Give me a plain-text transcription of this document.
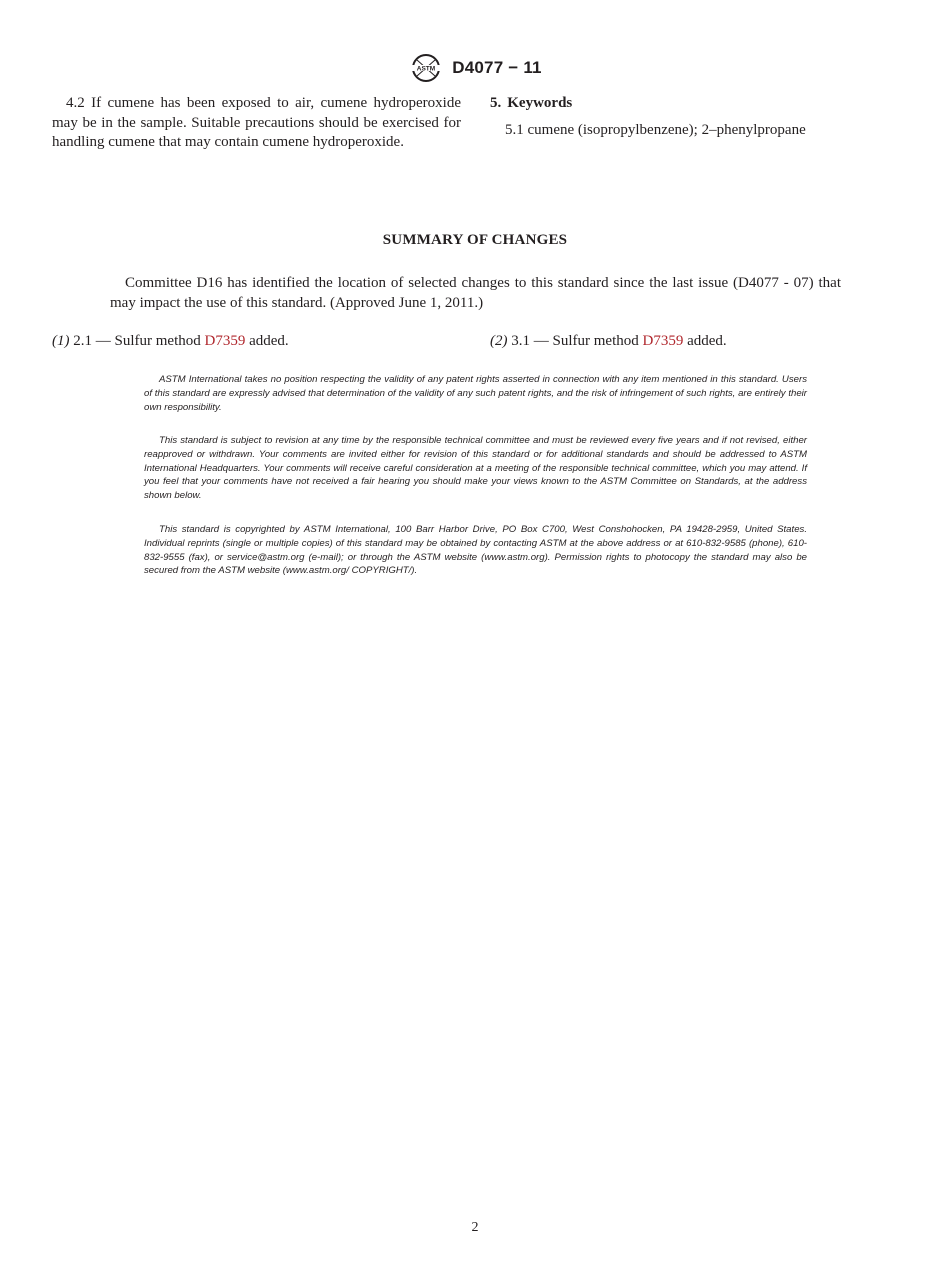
ASTM D4077 − 11

4.2 If cumene has been exposed to air, cumene hydroperoxide may be in the sample. Suitable precautions should be exercised for handling cumene that may contain cumene hydroperoxide.

5. Keywords

5.1 cumene (isopropylbenzene); 2–phenylpropane

SUMMARY OF CHANGES

Committee D16 has identified the location of selected changes to this standard since the last issue (D4077 - 07) that may impact the use of this standard. (Approved June 1, 2011.)

(1) 2.1 — Sulfur method D7359 added.	(2) 3.1 — Sulfur method D7359 added.

ASTM International takes no position respecting the validity of any patent rights asserted in connection with any item mentioned in this standard. Users of this standard are expressly advised that determination of the validity of any such patent rights, and the risk of infringement of such rights, are entirely their own responsibility.

This standard is subject to revision at any time by the responsible technical committee and must be reviewed every five years and if not revised, either reapproved or withdrawn. Your comments are invited either for revision of this standard or for additional standards and should be addressed to ASTM International Headquarters. Your comments will receive careful consideration at a meeting of the responsible technical committee, which you may attend. If you feel that your comments have not received a fair hearing you should make your views known to the ASTM Committee on Standards, at the address shown below.

This standard is copyrighted by ASTM International, 100 Barr Harbor Drive, PO Box C700, West Conshohocken, PA 19428-2959, United States. Individual reprints (single or multiple copies) of this standard may be obtained by contacting ASTM at the above address or at 610-832-9585 (phone), 610-832-9555 (fax), or service@astm.org (e-mail); or through the ASTM website (www.astm.org). Permission rights to photocopy the standard may also be secured from the ASTM website (www.astm.org/ COPYRIGHT/).

2
